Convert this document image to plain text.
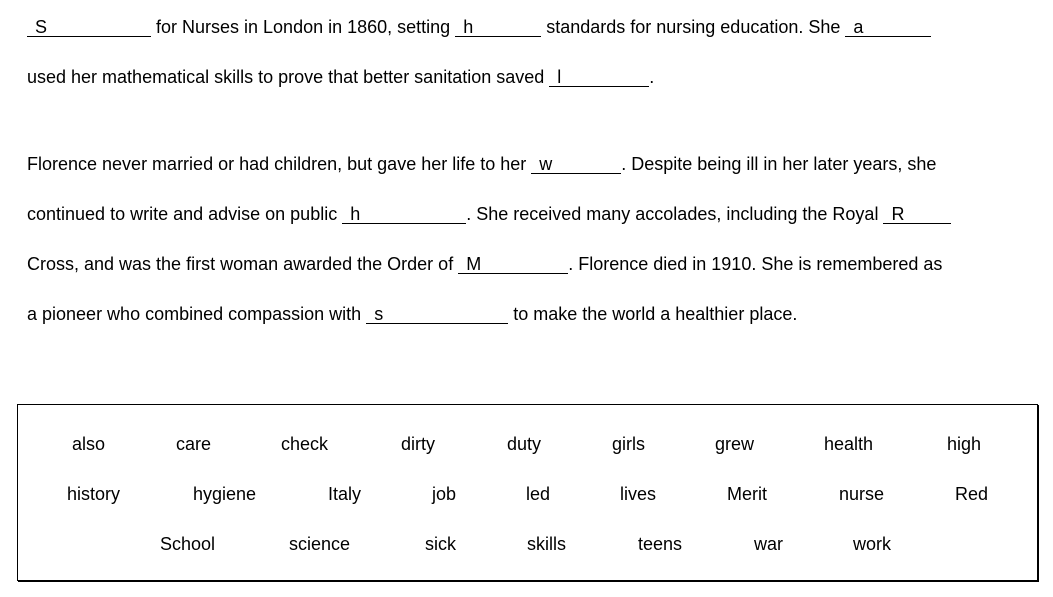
S	for Nurses in London in 1860, setting h	standards for nursing education. She a
used her mathematical skills to prove that better sanitation saved l	.
Florence never married or had children, but gave her life to her w	. Despite being ill in her later years, she
continued to write and advise on public h	. She received many accolades, including the Royal R
Cross, and was the first woman awarded the Order of M	. Florence died in 1910. She is remembered as
a pioneer who combined compassion with s	to make the world a healthier place.
also	care	check	dirty	duty	girls	grew	health	high
history	hygiene	Italy	job	led	lives	Merit	nurse	Red
School	science	sick	skills	teens	war	work
